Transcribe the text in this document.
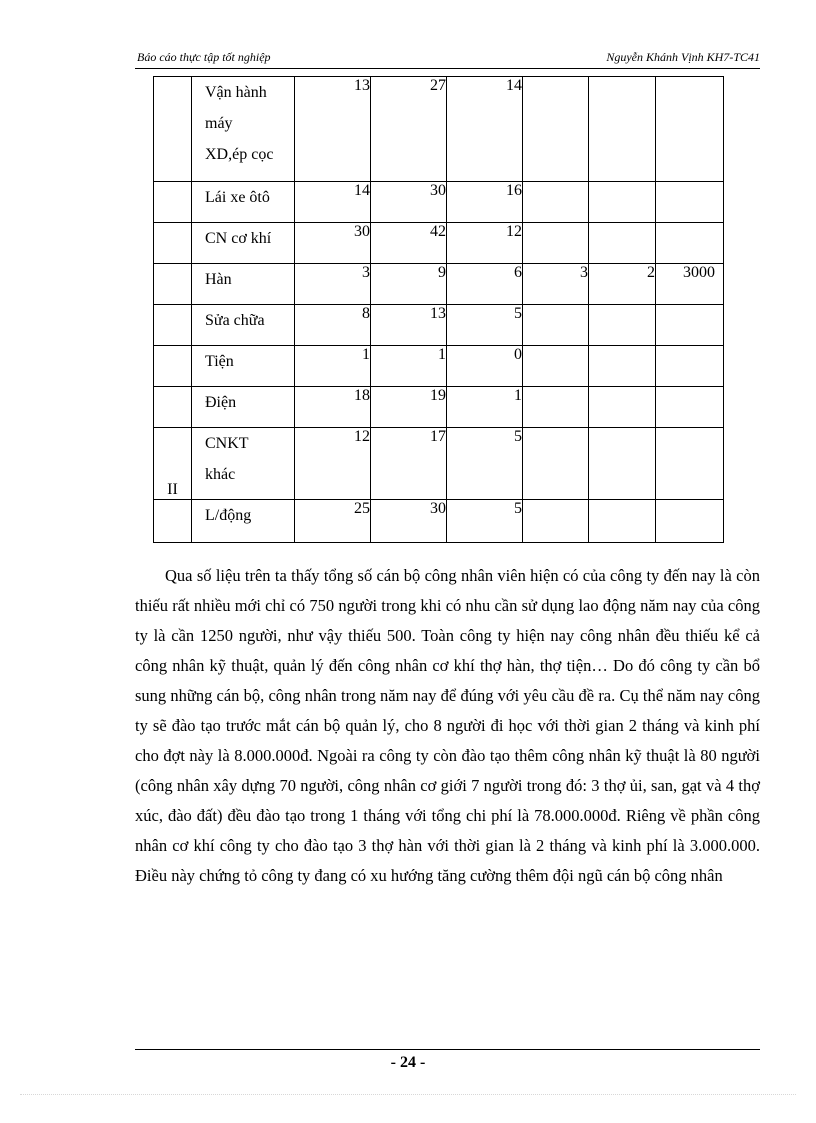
Báo cáo thực tập tốt nghiệp	Nguyễn Khánh Vịnh KH7-TC41

	Vận hành
máy
XD,ép cọc	13	27	14			

	Lái xe ôtô	14	30	16			

	CN cơ khí	30	42	12			

	Hàn	3	9	6	3	2	3000

	Sửa chữa	8	13	5			

	Tiện	1	1	0			

	Điện	18	19	1			
II	CNKT
khác	12	17	5			

	L/động	25	30	5			

Qua số liệu trên ta thấy tổng số cán bộ công nhân viên hiện có của công ty đến nay là còn thiếu rất nhiều mới chỉ có 750 người trong khi có nhu cần sử dụng lao động năm nay của công ty là cần 1250 người, như vậy thiếu 500. Toàn công ty hiện nay công nhân đều thiếu kể cả công nhân kỹ thuật, quản lý đến công nhân cơ khí thợ hàn, thợ tiện… Do đó công ty cần bổ sung những cán bộ, công nhân trong năm nay để đúng với yêu cầu đề ra. Cụ thể năm nay công ty sẽ đào tạo trước mắt cán bộ quản lý, cho 8 người đi học với thời gian 2 tháng và kinh phí cho đợt này là 8.000.000đ. Ngoài ra công ty còn đào tạo thêm công nhân kỹ thuật là 80 người (công nhân xây dựng 70 người, công nhân cơ giới 7 người trong đó: 3 thợ ủi, san, gạt và 4 thợ xúc, đào đất) đều đào tạo trong 1 tháng với tổng chi phí là 78.000.000đ. Riêng về phần công nhân cơ khí công ty cho đào tạo 3 thợ hàn với thời gian là 2 tháng và kinh phí là 3.000.000. Điều này chứng tỏ công ty đang có xu hướng tăng cường thêm đội ngũ cán bộ công nhân

- 24 -
